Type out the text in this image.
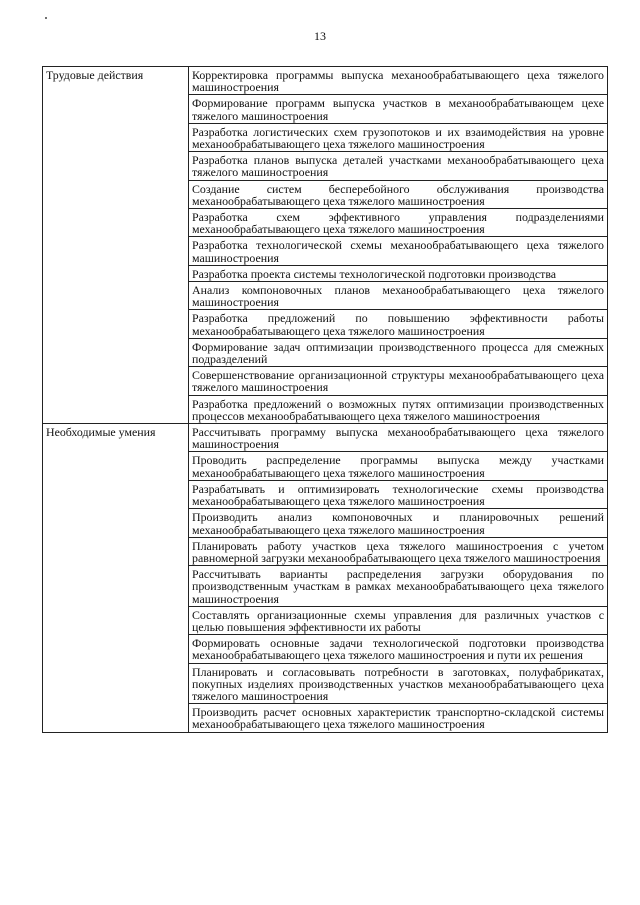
13
Трудовые действия	Корректировка программы выпуска механообрабатывающего цеха тяжелого машиностроения
	Формирование программ выпуска участков в механообрабатывающем цехе тяжелого машиностроения
	Разработка логистических схем грузопотоков и их взаимодействия на уровне механообрабатывающего цеха тяжелого машиностроения
	Разработка планов выпуска деталей участками механообрабатывающего цеха тяжелого машиностроения
	Создание систем бесперебойного обслуживания производства механообрабатывающего цеха тяжелого машиностроения
	Разработка схем эффективного управления подразделениями механообрабатывающего цеха тяжелого машиностроения
	Разработка технологической схемы механообрабатывающего цеха тяжелого машиностроения
	Разработка проекта системы технологической подготовки производства
	Анализ компоновочных планов механообрабатывающего цеха тяжелого машиностроения
	Разработка предложений по повышению эффективности работы механообрабатывающего цеха тяжелого машиностроения
	Формирование задач оптимизации производственного процесса для смежных подразделений
	Совершенствование организационной структуры механообрабатывающего цеха тяжелого машиностроения
	Разработка предложений о возможных путях оптимизации производственных процессов механообрабатывающего цеха тяжелого машиностроения
Необходимые умения	Рассчитывать программу выпуска механообрабатывающего цеха тяжелого машиностроения
	Проводить распределение программы выпуска между участками механообрабатывающего цеха тяжелого машиностроения
	Разрабатывать и оптимизировать технологические схемы производства механообрабатывающего цеха тяжелого машиностроения
	Производить анализ компоновочных и планировочных решений механообрабатывающего цеха тяжелого машиностроения
	Планировать работу участков цеха тяжелого машиностроения с учетом равномерной загрузки механообрабатывающего цеха тяжелого машиностроения
	Рассчитывать варианты распределения загрузки оборудования по производственным участкам в рамках механообрабатывающего цеха тяжелого машиностроения
	Составлять организационные схемы управления для различных участков с целью повышения эффективности их работы
	Формировать основные задачи технологической подготовки производства механообрабатывающего цеха тяжелого машиностроения и пути их решения
	Планировать и согласовывать потребности в заготовках, полуфабрикатах, покупных изделиях производственных участков механообрабатывающего цеха тяжелого машиностроения
	Производить расчет основных характеристик транспортно-складской системы механообрабатывающего цеха тяжелого машиностроения
